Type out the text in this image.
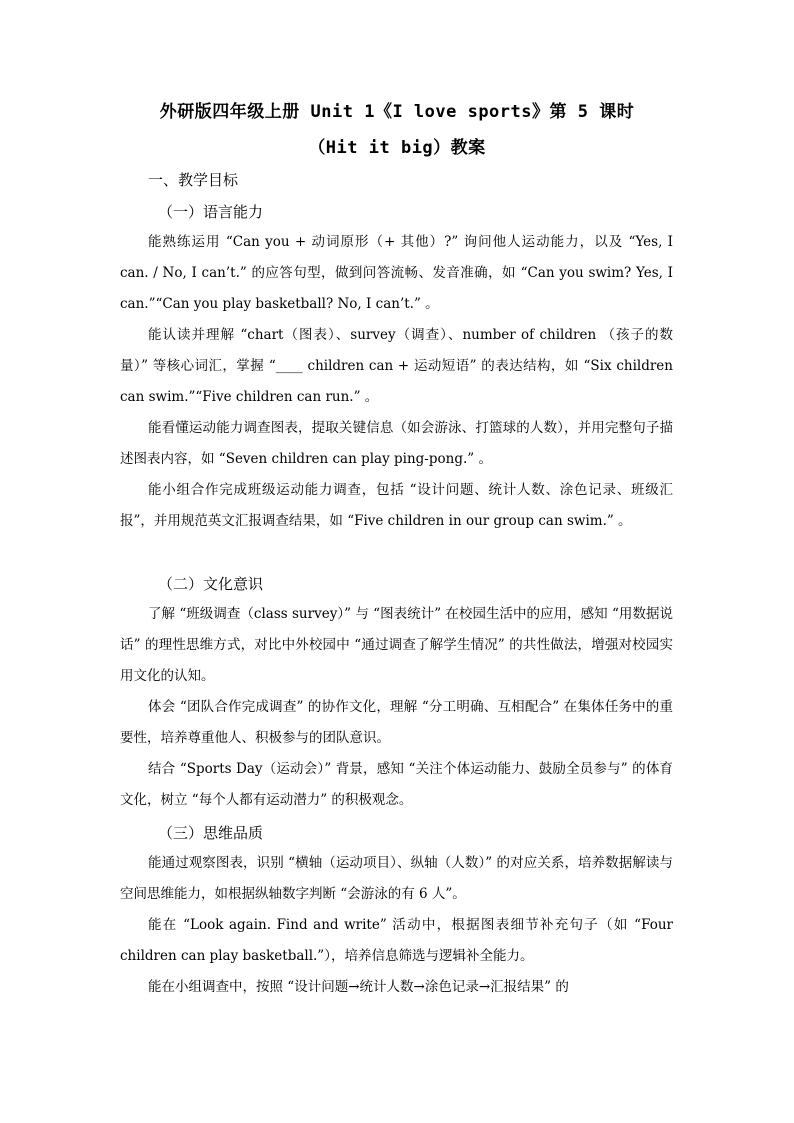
外研版四年级上册 Unit 1《I love sports》第 5 课时
（Hit it big）教案
一、教学目标
（一）语言能力
能熟练运用 “Can you + 动词原形（+ 其他）?” 询问他人运动能力，以及 “Yes, I can. / No, I can’t.” 的应答句型，做到问答流畅、发音准确，如 “Can you swim? Yes, I can.”“Can you play basketball? No, I can’t.” 。
能认读并理解 “chart（图表）、survey（调查）、number of children （孩子的数量）” 等核心词汇，掌握 “____ children can + 运动短语” 的表达结构，如 “Six children can swim.”“Five children can run.” 。
能看懂运动能力调查图表，提取关键信息（如会游泳、打篮球的人数），并用完整句子描述图表内容，如 “Seven children can play ping-pong.” 。
能小组合作完成班级运动能力调查，包括 “设计问题、统计人数、涂色记录、班级汇报”，并用规范英文汇报调查结果，如 “Five children in our group can swim.” 。
（二）文化意识
了解 “班级调查（class survey）” 与 “图表统计” 在校园生活中的应用，感知 “用数据说话” 的理性思维方式，对比中外校园中 “通过调查了解学生情况” 的共性做法，增强对校园实用文化的认知。
体会 “团队合作完成调查” 的协作文化，理解 “分工明确、互相配合” 在集体任务中的重要性，培养尊重他人、积极参与的团队意识。
结合 “Sports Day（运动会）” 背景，感知 “关注个体运动能力、鼓励全员参与” 的体育文化，树立 “每个人都有运动潜力” 的积极观念。
（三）思维品质
能通过观察图表，识别 “横轴（运动项目）、纵轴（人数）” 的对应关系，培养数据解读与空间思维能力，如根据纵轴数字判断 “会游泳的有 6 人”。
能在 “Look again. Find and write” 活动中，根据图表细节补充句子（如 “Four children can play basketball.”），培养信息筛选与逻辑补全能力。
能在小组调查中，按照 “设计问题→统计人数→涂色记录→汇报结果” 的
